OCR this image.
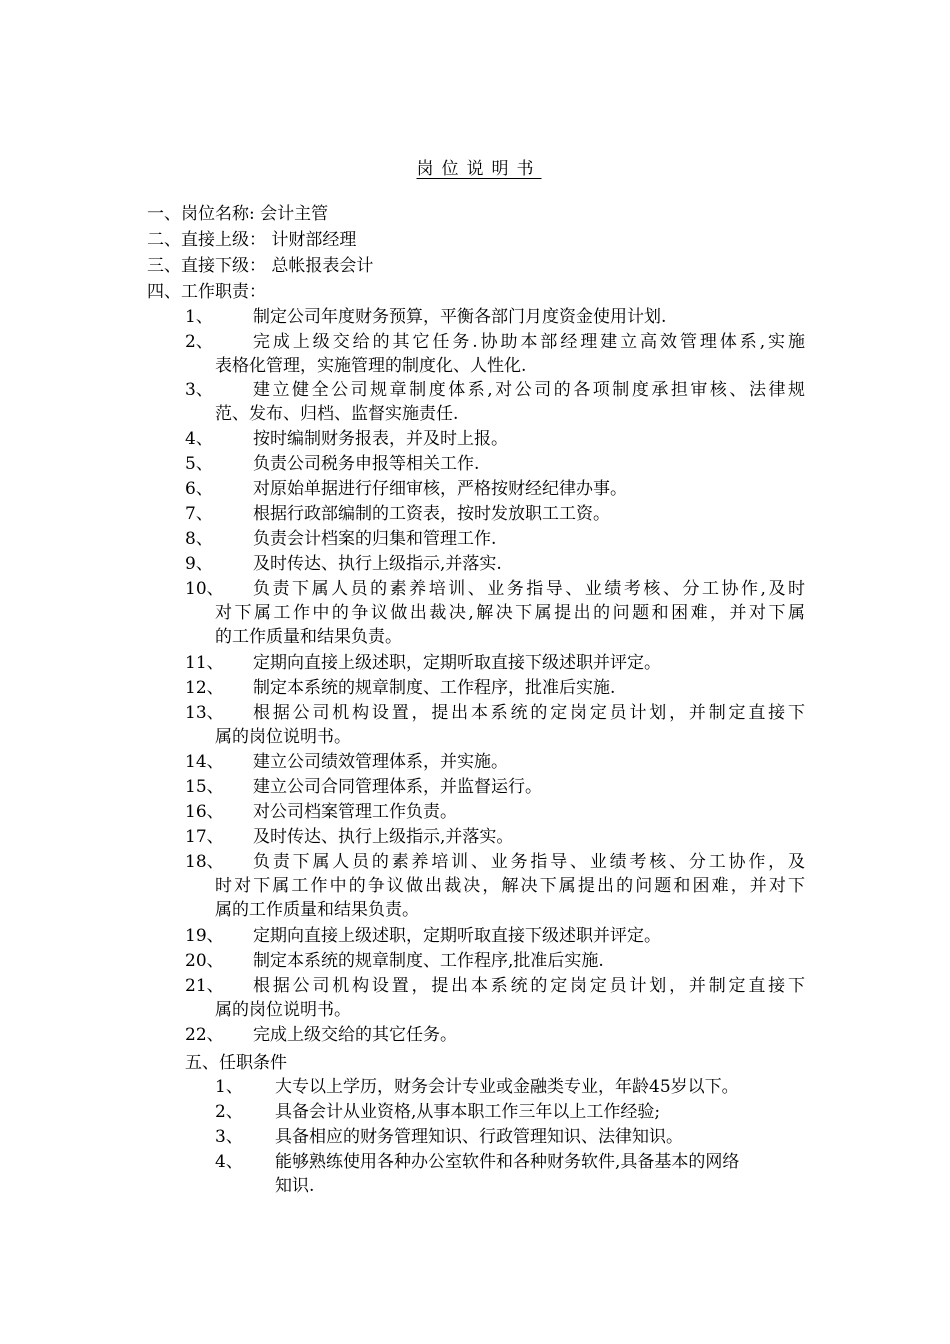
岗位说明书
一、岗位名称: 会计主管
二、直接上级： 计财部经理
三、直接下级： 总帐报表会计
四、工作职责：
1、 制定公司年度财务预算，平衡各部门月度资金使用计划.
2、 完成上级交给的其它任务.协助本部经理建立高效管理体系,实施
表格化管理，实施管理的制度化、人性化.
3、 建立健全公司规章制度体系,对公司的各项制度承担审核、法律规
范、发布、归档、监督实施责任.
4、 按时编制财务报表，并及时上报。
5、 负责公司税务申报等相关工作.
6、 对原始单据进行仔细审核，严格按财经纪律办事。
7、 根据行政部编制的工资表，按时发放职工工资。
8、 负责会计档案的归集和管理工作.
9、 及时传达、执行上级指示,并落实.
10、 负责下属人员的素养培训、业务指导、业绩考核、分工协作,及时
对下属工作中的争议做出裁决,解决下属提出的问题和困难，并对下属
的工作质量和结果负责。
11、 定期向直接上级述职，定期听取直接下级述职并评定。
12、 制定本系统的规章制度、工作程序，批准后实施.
13、 根据公司机构设置，提出本系统的定岗定员计划，并制定直接下
属的岗位说明书。
14、 建立公司绩效管理体系，并实施。
15、 建立公司合同管理体系，并监督运行。
16、 对公司档案管理工作负责。
17、 及时传达、执行上级指示,并落实。
18、 负责下属人员的素养培训、业务指导、业绩考核、分工协作，及
时对下属工作中的争议做出裁决，解决下属提出的问题和困难，并对下
属的工作质量和结果负责。
19、 定期向直接上级述职，定期听取直接下级述职并评定。
20、 制定本系统的规章制度、工作程序,批准后实施.
21、 根据公司机构设置，提出本系统的定岗定员计划，并制定直接下
属的岗位说明书。
22、 完成上级交给的其它任务。
五、任职条件
1、 大专以上学历，财务会计专业或金融类专业，年龄45岁以下。
2、 具备会计从业资格,从事本职工作三年以上工作经验;
3、 具备相应的财务管理知识、行政管理知识、法律知识。
4、 能够熟练使用各种办公室软件和各种财务软件,具备基本的网络
知识.
